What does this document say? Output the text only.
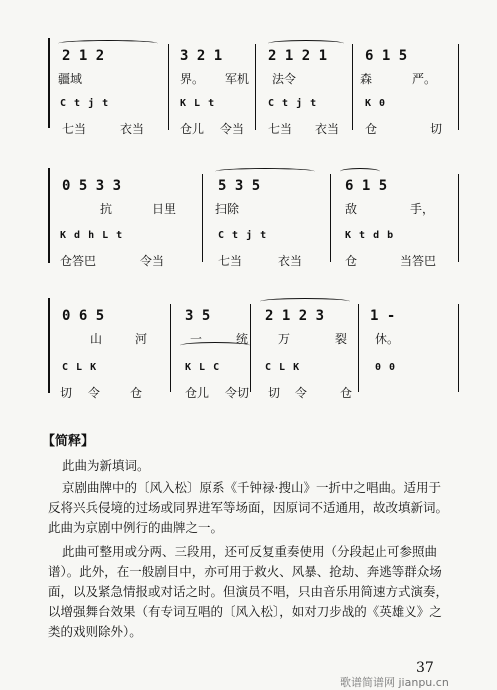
2 1 2	3 2 1	2 1 2 1	6 1 5
疆域	界。 军机 法令	森	严。
C t j t	K L t	C t j t	K 0
七当	衣当	仓儿 令当 七当 衣当 仓	切
0 5 3 3	5 3 5	6 1 5
抗	日里	扫除	敌	手，
K d h L t	C t j t	K t d b
仓答巴	令当	七当	衣当	仓	当答巴
0 6 5	3 5	2 1 2 3	1 -
山	河	一	统 万	裂 休。
C L K	K L C	C L K	0 0
切 令 仓	仓儿 令切 切 令	仓
【简释】
此曲为新填词。
京剧曲牌中的〔风入松〕原系《千钟禄·搜山》一折中之唱曲。适用于反将兴兵侵境的过场或同界进军等场面，因原词不适通用，故改填新词。此曲为京剧中例行的曲牌之一。
此曲可整用或分两、三段用，还可反复重奏使用（分段起止可参照曲谱）。此外，在一般剧目中，亦可用于救火、风暴、抢劫、奔逃等群众场面，以及紧急情报或对话之时。但演员不唱，只由音乐用简速方式演奏，以增强舞台效果（有专词互唱的〔风入松〕，如对刀步战的《英雄义》之类的戏则除外）。
37
歌谱简谱网 jianpu.cn
